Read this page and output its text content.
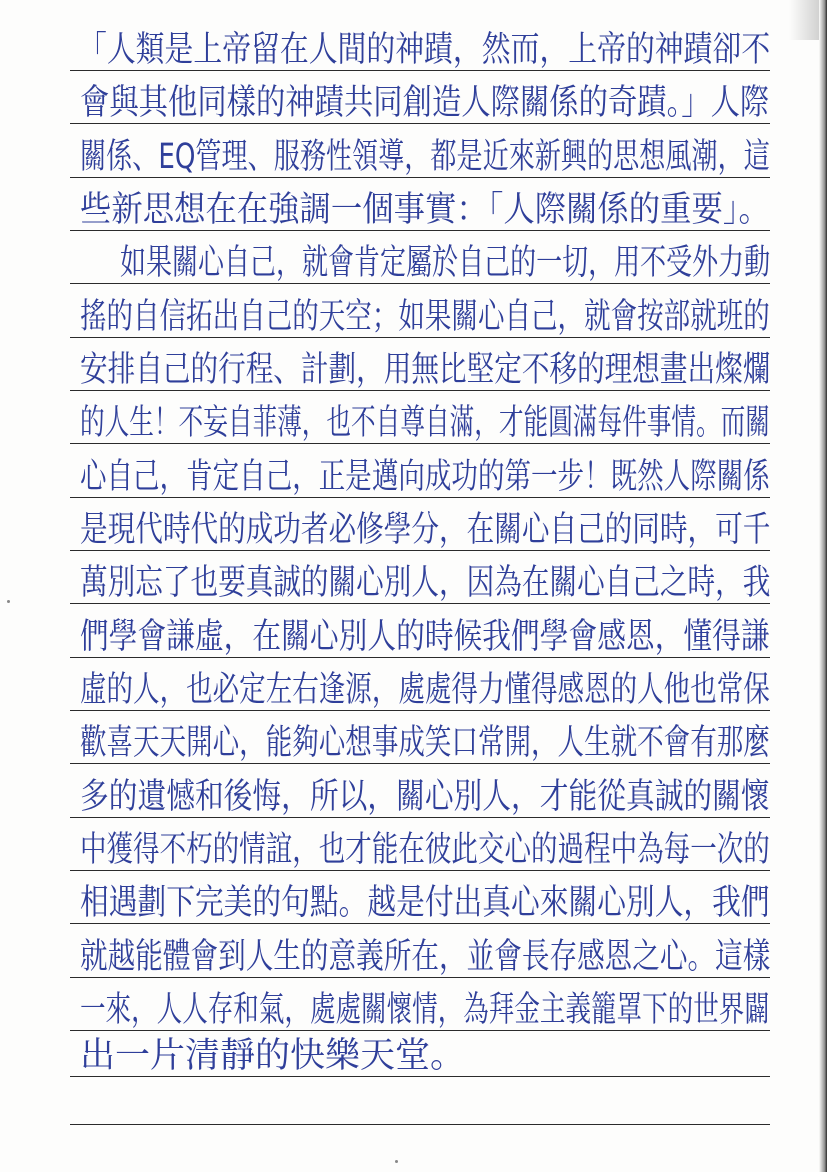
「人類是上帝留在人間的神蹟，然而，上帝的神蹟卻不
會與其他同樣的神蹟共同創造人際關係的奇蹟。」人際
關係、EQ管理、服務性領導，都是近來新興的思想風潮，這
些新思想在在強調一個事實：「人際關係的重要」。
如果關心自己，就會肯定屬於自己的一切，用不受外力動
搖的自信拓出自己的天空；如果關心自己，就會按部就班的
安排自己的行程、計劃，用無比堅定不移的理想畫出燦爛
的人生！不妄自菲薄，也不自尊自滿，才能圓滿每件事情。而關
心自己，肯定自己，正是邁向成功的第一步！既然人際關係
是現代時代的成功者必修學分，在關心自己的同時，可千
萬別忘了也要真誠的關心別人，因為在關心自己之時，我
們學會謙虛，在關心別人的時候我們學會感恩，懂得謙
虛的人，也必定左右逢源，處處得力懂得感恩的人他也常保
歡喜天天開心，能夠心想事成笑口常開，人生就不會有那麼
多的遺憾和後悔，所以，關心別人，才能從真誠的關懷
中獲得不朽的情誼，也才能在彼此交心的過程中為每一次的
相遇劃下完美的句點。越是付出真心來關心別人，我們
就越能體會到人生的意義所在，並會長存感恩之心。這樣
一來，人人存和氣，處處關懷情，為拜金主義籠罩下的世界闢
出一片清靜的快樂天堂。
